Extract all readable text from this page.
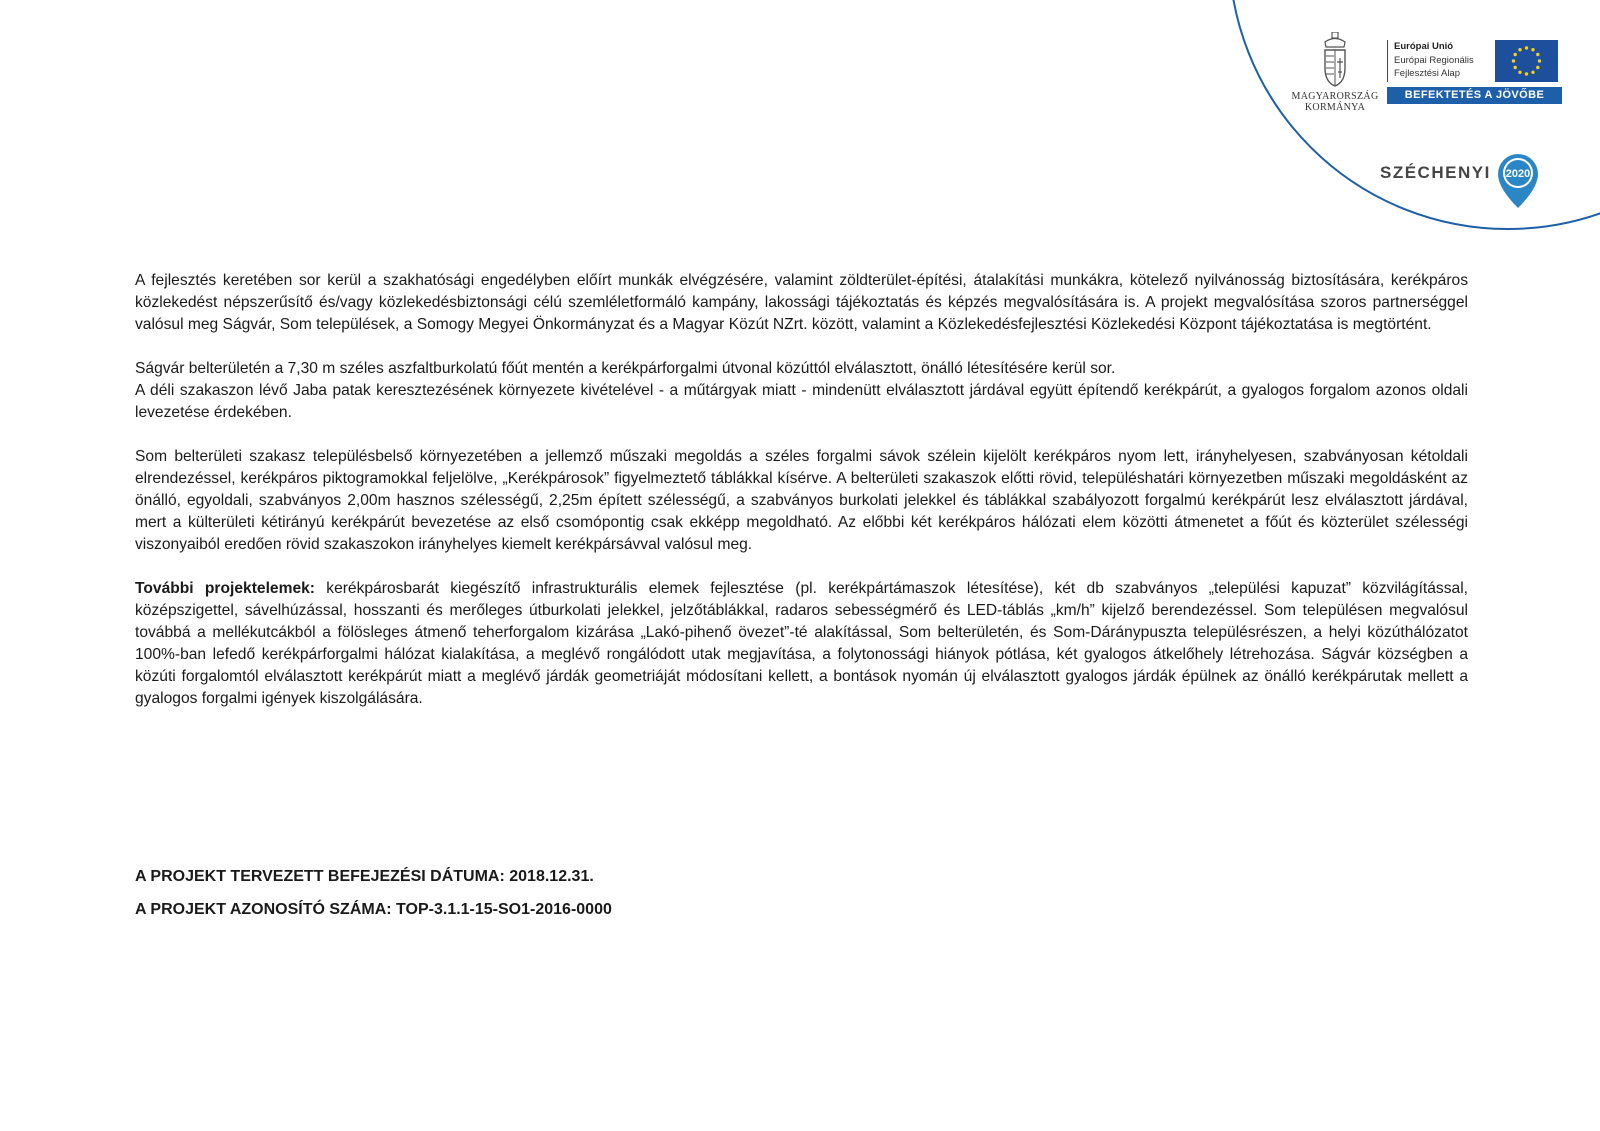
MAGYARORSZÁG
KORMÁNYA
Európai Unió
Európai Regionális
Fejlesztési Alap
BEFEKTETÉS A JÖVŐBE
SZÉCHENYI 2020

A fejlesztés keretében sor kerül a szakhatósági engedélyben előírt munkák elvégzésére, valamint zöldterület-építési, átalakítási munkákra, kötelező nyilvánosság biztosítására, kerékpáros közlekedést népszerűsítő és/vagy közlekedésbiztonsági célú szemléletformáló kampány, lakossági tájékoztatás és képzés megvalósítására is. A projekt megvalósítása szoros partnerséggel valósul meg Ságvár, Som települések, a Somogy Megyei Önkormányzat és a Magyar Közút NZrt. között, valamint a Közlekedésfejlesztési Közlekedési Központ tájékoztatása is megtörtént.

Ságvár belterületén a 7,30 m széles aszfaltburkolatú főút mentén a kerékpárforgalmi útvonal közúttól elválasztott, önálló létesítésére kerül sor.

A déli szakaszon lévő Jaba patak keresztezésének környezete kivételével - a műtárgyak miatt - mindenütt elválasztott járdával együtt építendő kerékpárút, a gyalogos forgalom azonos oldali levezetése érdekében.

Som belterületi szakasz településbelső környezetében a jellemző műszaki megoldás a széles forgalmi sávok szélein kijelölt kerékpáros nyom lett, irányhelyesen, szabványosan kétoldali elrendezéssel, kerékpáros piktogramokkal feljelölve, „Kerékpárosok” figyelmeztető táblákkal kísérve. A belterületi szakaszok előtti rövid, településhatári környezetben műszaki megoldásként az önálló, egyoldali, szabványos 2,00m hasznos szélességű, 2,25m épített szélességű, a szabványos burkolati jelekkel és táblákkal szabályozott forgalmú kerékpárút lesz elválasztott járdával, mert a külterületi kétirányú kerékpárút bevezetése az első csomópontig csak ekképp megoldható. Az előbbi két kerékpáros hálózati elem közötti átmenetet a főút és közterület szélességi viszonyaiból eredően rövid szakaszokon irányhelyes kiemelt kerékpársávval valósul meg.

További projektelemek: kerékpárosbarát kiegészítő infrastrukturális elemek fejlesztése (pl. kerékpártámaszok létesítése), két db szabványos „települési kapuzat” közvilágítással, középszigettel, sávelhúzással, hosszanti és merőleges útburkolati jelekkel, jelzőtáblákkal, radaros sebességmérő és LED-táblás „km/h” kijelző berendezéssel. Som településen megvalósul továbbá a mellékutcákból a fölösleges átmenő teherforgalom kizárása „Lakó-pihenő övezet”-té alakítással, Som belterületén, és Som-Dáránypuszta településrészen, a helyi közúthálózatot 100%-ban lefedő kerékpárforgalmi hálózat kialakítása, a meglévő rongálódott utak megjavítása, a folytonossági hiányok pótlása, két gyalogos átkelőhely létrehozása. Ságvár községben a közúti forgalomtól elválasztott kerékpárút miatt a meglévő járdák geometriáját módosítani kellett, a bontások nyomán új elválasztott gyalogos járdák épülnek az önálló kerékpárutak mellett a gyalogos forgalmi igények kiszolgálására.

A PROJEKT TERVEZETT BEFEJEZÉSI DÁTUMA: 2018.12.31.
A PROJEKT AZONOSÍTÓ SZÁMA: TOP-3.1.1-15-SO1-2016-0000
